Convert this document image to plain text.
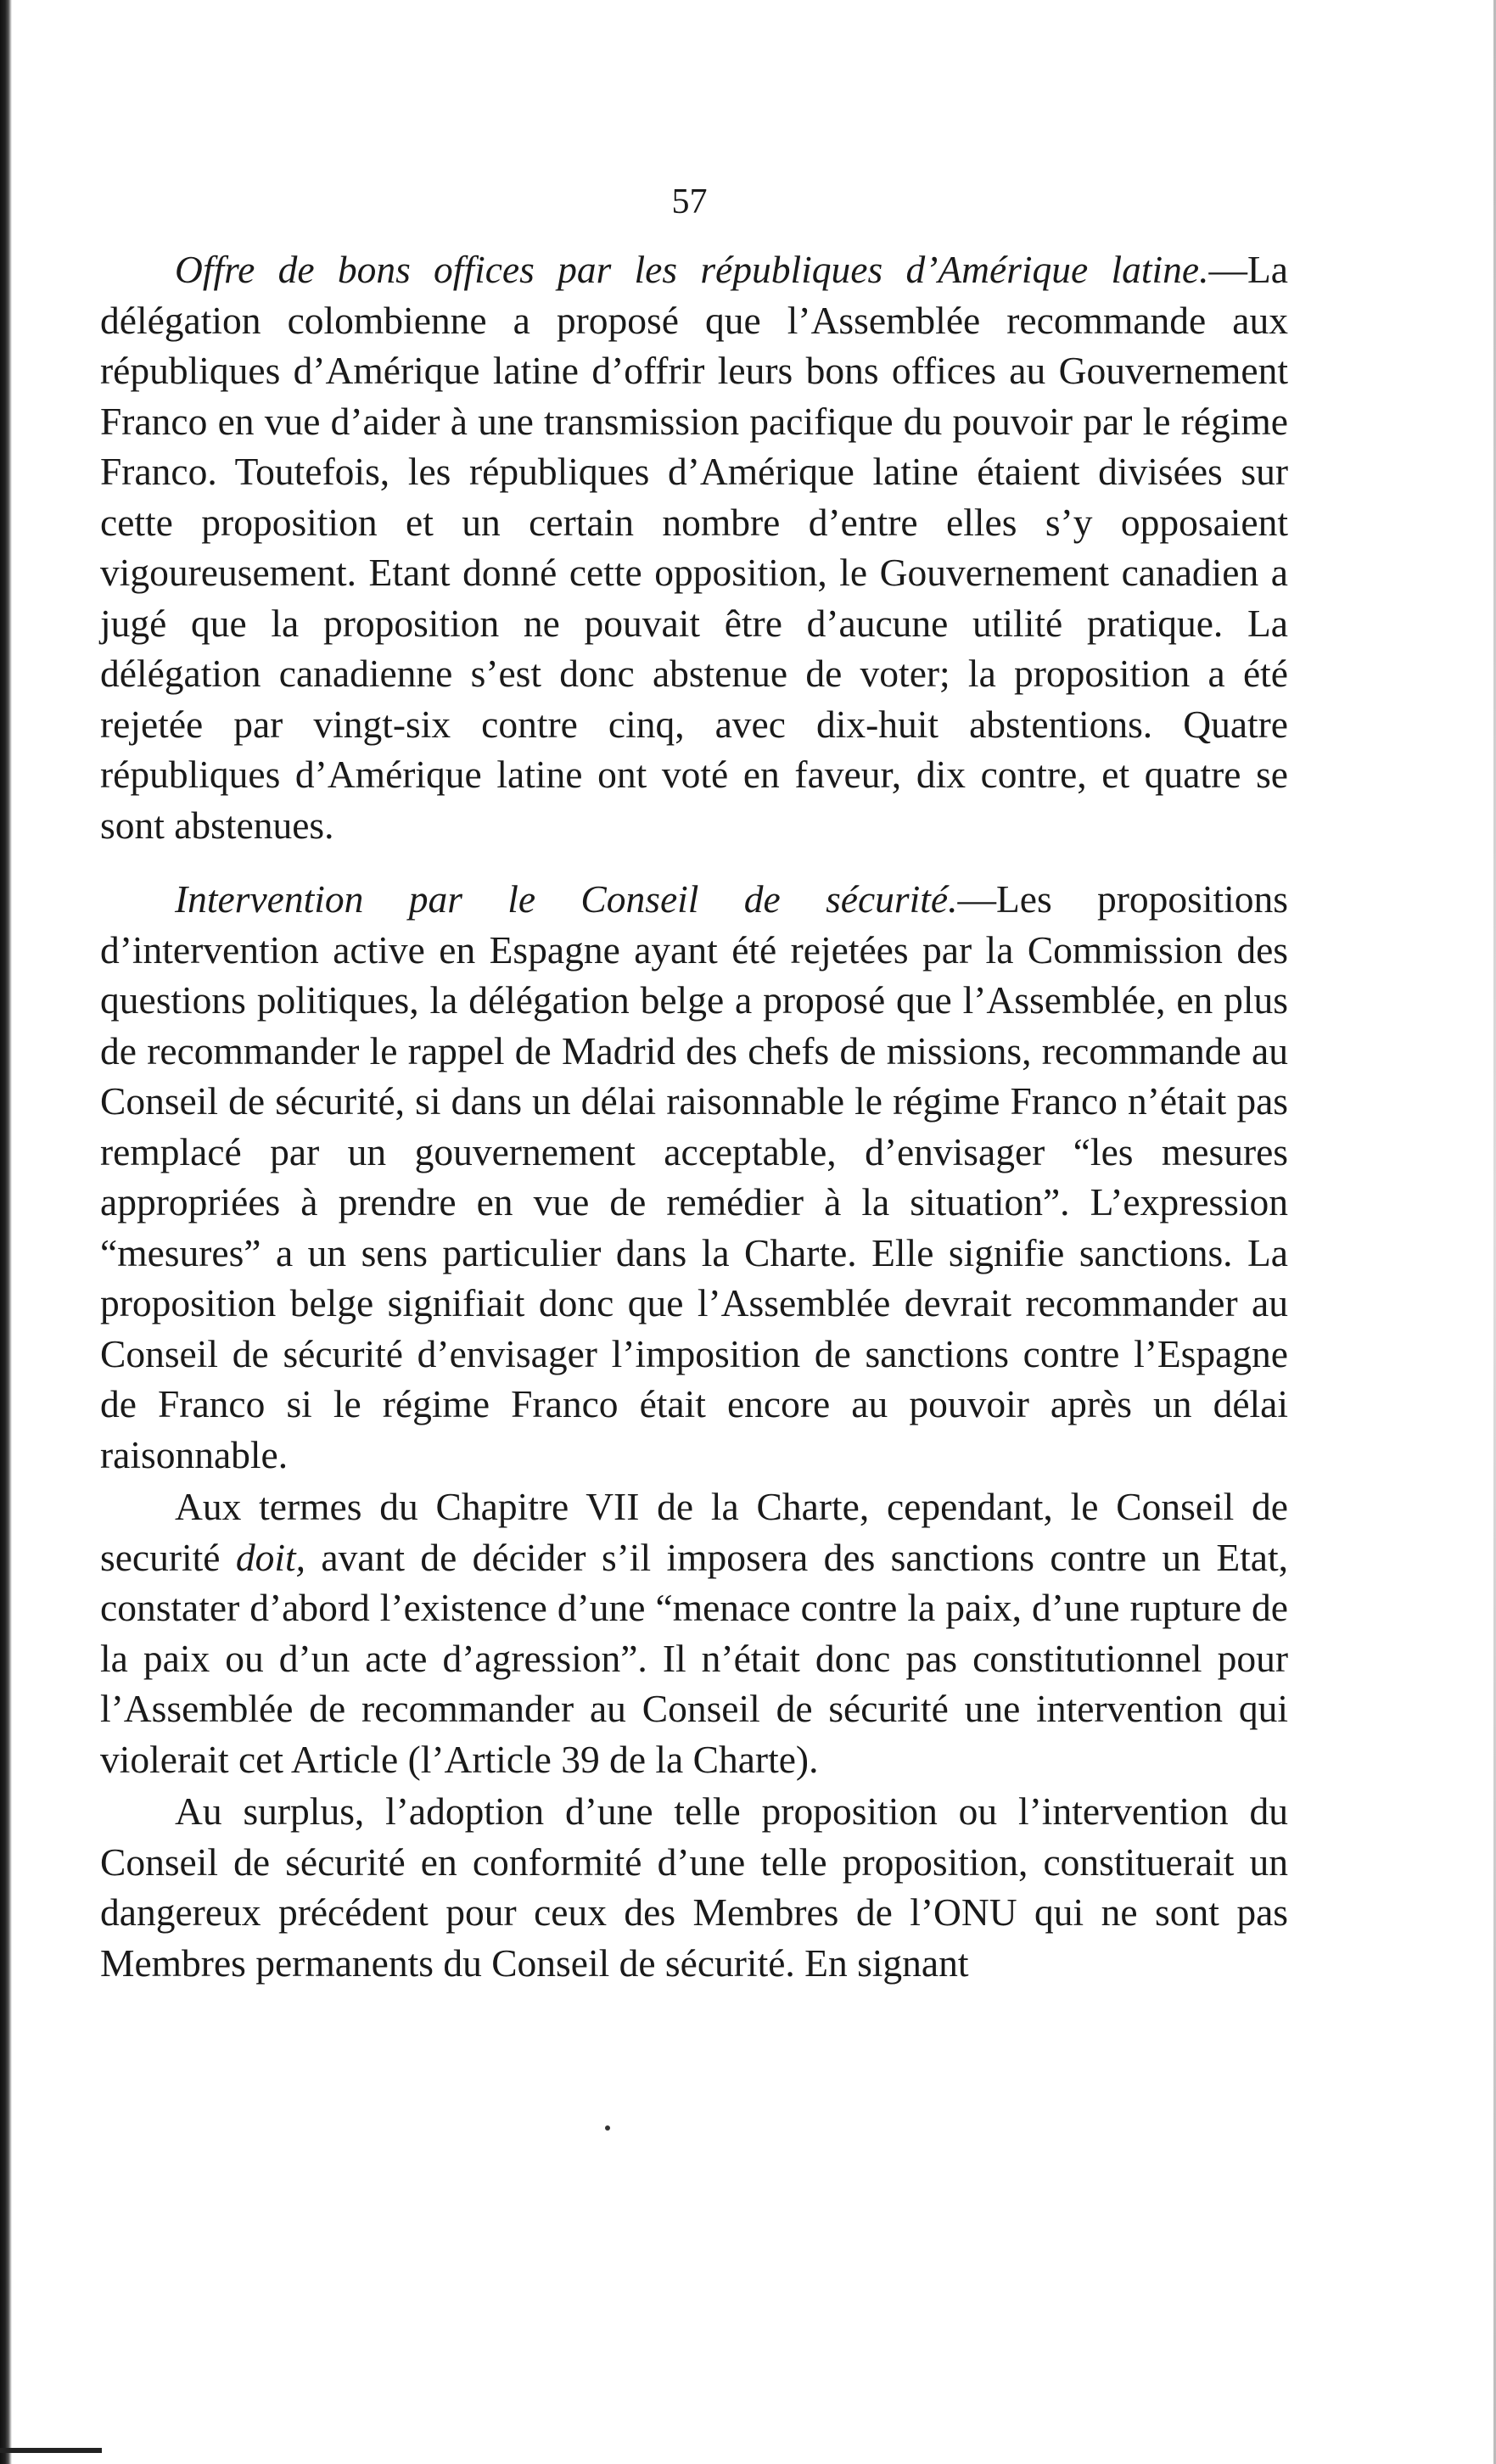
57

Offre de bons offices par les républiques d’Amérique latine.—La délégation colombienne a proposé que l’Assemblée recommande aux républiques d’Amérique latine d’offrir leurs bons offices au Gouvernement Franco en vue d’aider à une transmission pacifique du pouvoir par le régime Franco. Toutefois, les républiques d’Amérique latine étaient divisées sur cette proposition et un certain nombre d’entre elles s’y opposaient vigoureusement. Etant donné cette opposition, le Gouvernement canadien a jugé que la proposition ne pouvait être d’aucune utilité pratique. La délégation canadienne s’est donc abstenue de voter; la proposition a été rejetée par vingt-six contre cinq, avec dix-huit abstentions. Quatre républiques d’Amérique latine ont voté en faveur, dix contre, et quatre se sont abstenues.

Intervention par le Conseil de sécurité.—Les propositions d’intervention active en Espagne ayant été rejetées par la Commission des questions politiques, la délégation belge a proposé que l’Assemblée, en plus de recommander le rappel de Madrid des chefs de missions, recommande au Conseil de sécurité, si dans un délai raisonnable le régime Franco n’était pas remplacé par un gouvernement acceptable, d’envisager “les mesures appropriées à prendre en vue de remédier à la situation”. L’expression “mesures” a un sens particulier dans la Charte. Elle signifie sanctions. La proposition belge signifiait donc que l’Assemblée devrait recommander au Conseil de sécurité d’envisager l’imposition de sanctions contre l’Espagne de Franco si le régime Franco était encore au pouvoir après un délai raisonnable.

Aux termes du Chapitre VII de la Charte, cependant, le Conseil de securité doit, avant de décider s’il imposera des sanctions contre un Etat, constater d’abord l’existence d’une “menace contre la paix, d’une rupture de la paix ou d’un acte d’agression”. Il n’était donc pas constitutionnel pour l’Assemblée de recommander au Conseil de sécurité une intervention qui violerait cet Article (l’Article 39 de la Charte).

Au surplus, l’adoption d’une telle proposition ou l’intervention du Conseil de sécurité en conformité d’une telle proposition, constituerait un dangereux précédent pour ceux des Membres de l’ONU qui ne sont pas Membres permanents du Conseil de sécurité. En signant
